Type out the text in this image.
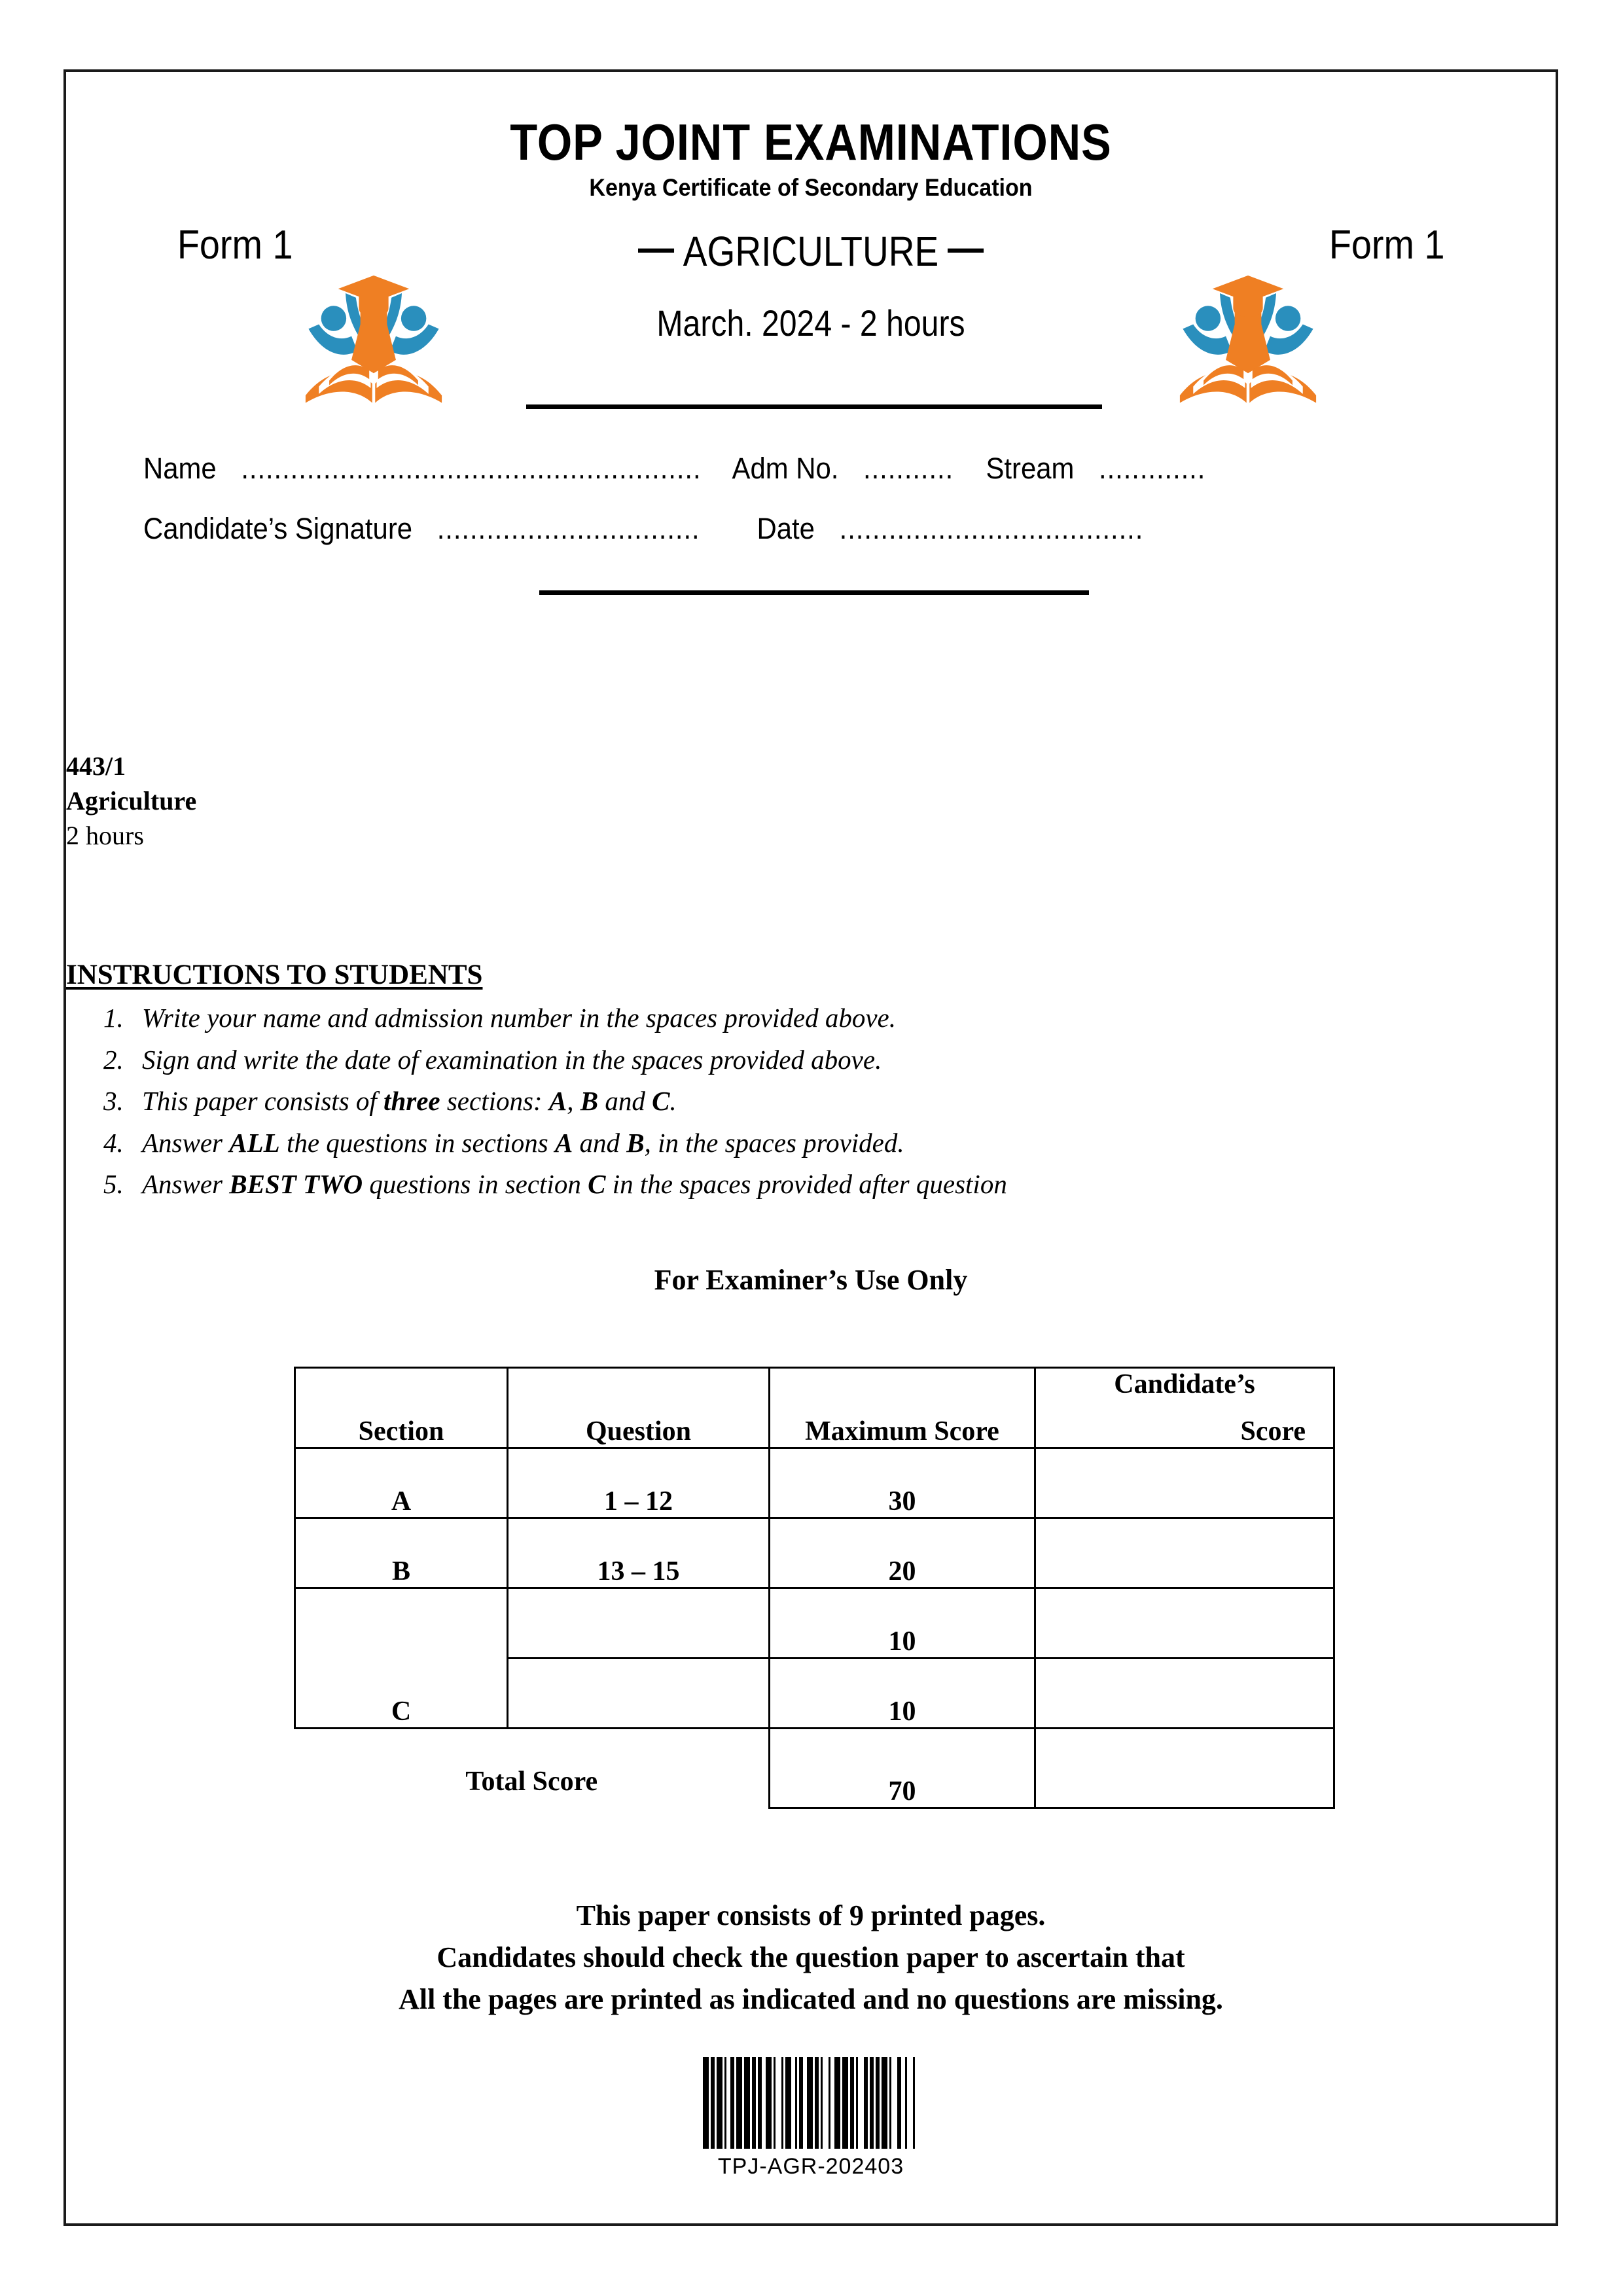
TOP JOINT EXAMINATIONS
Kenya Certificate of Secondary Education
Form 1	Form 1
— AGRICULTURE —
March. 2024 - 2 hours
Name ........................................................ Adm No. ........... Stream .............
Candidate’s Signature ................................ Date .....................................
443/1
Agriculture
2 hours
INSTRUCTIONS TO STUDENTS
1. Write your name and admission number in the spaces provided above.
2. Sign and write the date of examination in the spaces provided above.
3. This paper consists of three sections: A, B and C.
4. Answer ALL the questions in sections A and B, in the spaces provided.
5. Answer BEST TWO questions in section C in the spaces provided after question
For Examiner’s Use Only
Section	Question	Maximum Score	Candidate’s
Score

A	1 – 12	30	
B	13 – 15	20	
C		10	
		10	
Total Score		70	
This paper consists of 9 printed pages.
Candidates should check the question paper to ascertain that
All the pages are printed as indicated and no questions are missing.
TPJ-AGR-202403
